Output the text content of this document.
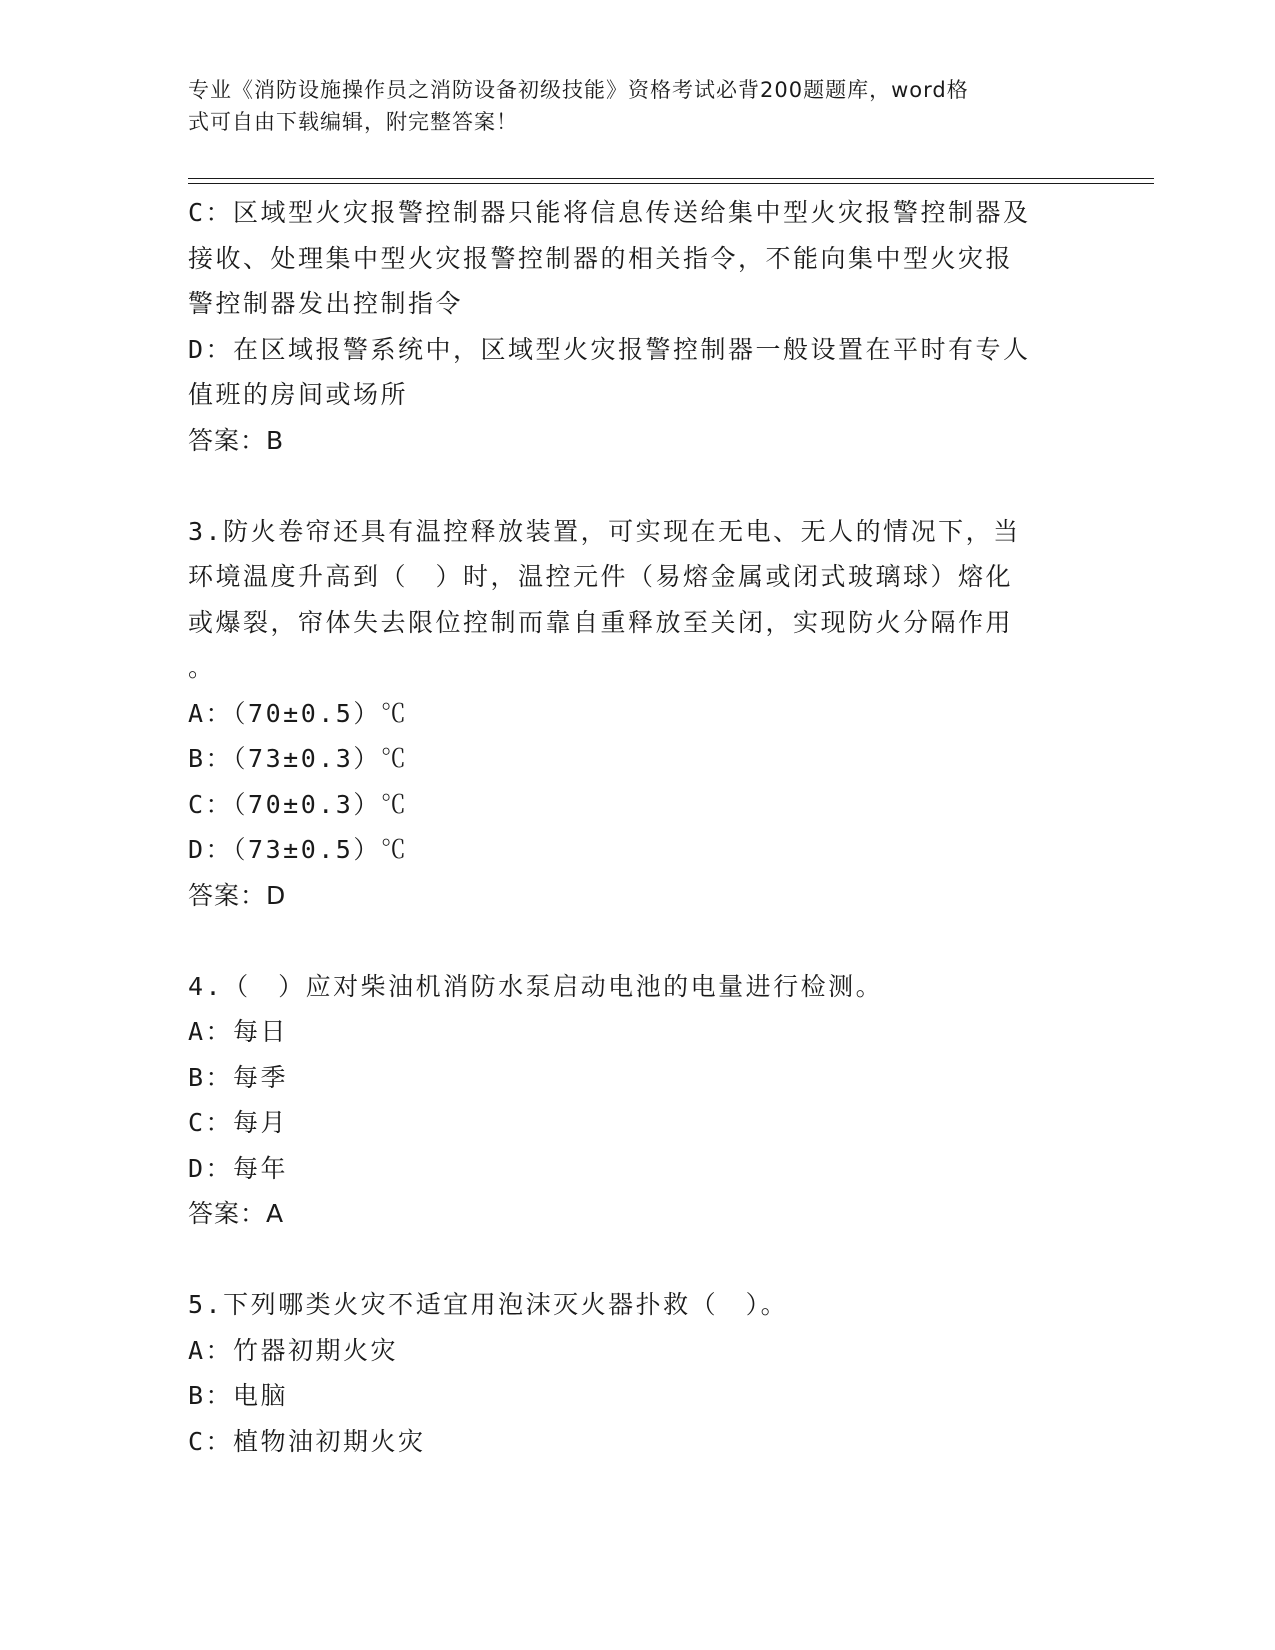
专业《消防设施操作员之消防设备初级技能》资格考试必背200题题库，word格
式可自由下载编辑，附完整答案！
C：区域型火灾报警控制器只能将信息传送给集中型火灾报警控制器及
接收、处理集中型火灾报警控制器的相关指令，不能向集中型火灾报
警控制器发出控制指令
D：在区域报警系统中，区域型火灾报警控制器一般设置在平时有专人
值班的房间或场所
答案：B
3.防火卷帘还具有温控释放装置，可实现在无电、无人的情况下，当
环境温度升高到（　）时，温控元件（易熔金属或闭式玻璃球）熔化
或爆裂，帘体失去限位控制而靠自重释放至关闭，实现防火分隔作用
。
A：（70±0.5）℃
B：（73±0.3）℃
C：（70±0.3）℃
D：（73±0.5）℃
答案：D
4.（　）应对柴油机消防水泵启动电池的电量进行检测。
A：每日
B：每季
C：每月
D：每年
答案：A
5.下列哪类火灾不适宜用泡沫灭火器扑救（　）。
A：竹器初期火灾
B：电脑
C：植物油初期火灾
